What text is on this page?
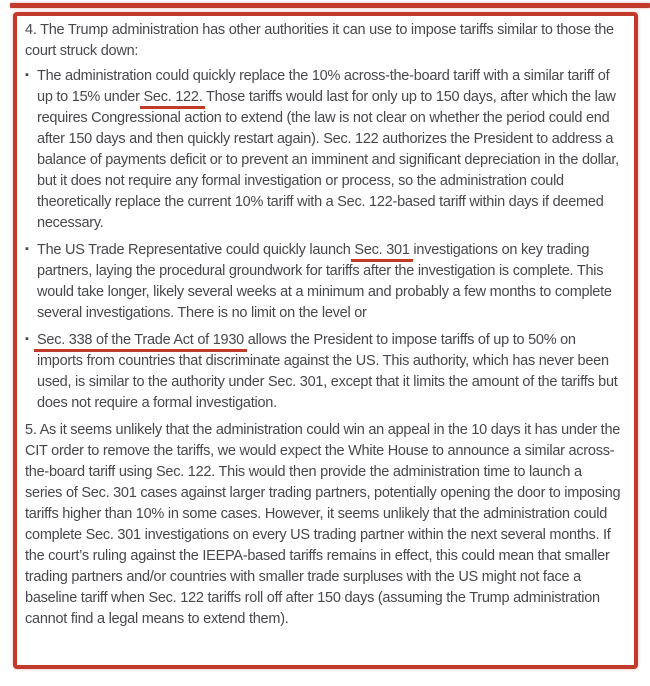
4. The Trump administration has other authorities it can use to impose tariffs similar to those the court struck down:

▪ The administration could quickly replace the 10% across-the-board tariff with a similar tariff of up to 15% under Sec. 122. Those tariffs would last for only up to 150 days, after which the law requires Congressional action to extend (the law is not clear on whether the period could end after 150 days and then quickly restart again). Sec. 122 authorizes the President to address a balance of payments deficit or to prevent an imminent and significant depreciation in the dollar, but it does not require any formal investigation or process, so the administration could theoretically replace the current 10% tariff with a Sec. 122-based tariff within days if deemed necessary.
▪ The US Trade Representative could quickly launch Sec. 301 investigations on key trading partners, laying the procedural groundwork for tariffs after the investigation is complete. This would take longer, likely several weeks at a minimum and probably a few months to complete several investigations. There is no limit on the level or
▪ Sec. 338 of the Trade Act of 1930 allows the President to impose tariffs of up to 50% on imports from countries that discriminate against the US. This authority, which has never been used, is similar to the authority under Sec. 301, except that it limits the amount of the tariffs but does not require a formal investigation.

5. As it seems unlikely that the administration could win an appeal in the 10 days it has under the CIT order to remove the tariffs, we would expect the White House to announce a similar across-the-board tariff using Sec. 122. This would then provide the administration time to launch a series of Sec. 301 cases against larger trading partners, potentially opening the door to imposing tariffs higher than 10% in some cases. However, it seems unlikely that the administration could complete Sec. 301 investigations on every US trading partner within the next several months. If the court’s ruling against the IEEPA-based tariffs remains in effect, this could mean that smaller trading partners and/or countries with smaller trade surpluses with the US might not face a baseline tariff when Sec. 122 tariffs roll off after 150 days (assuming the Trump administration cannot find a legal means to extend them).
